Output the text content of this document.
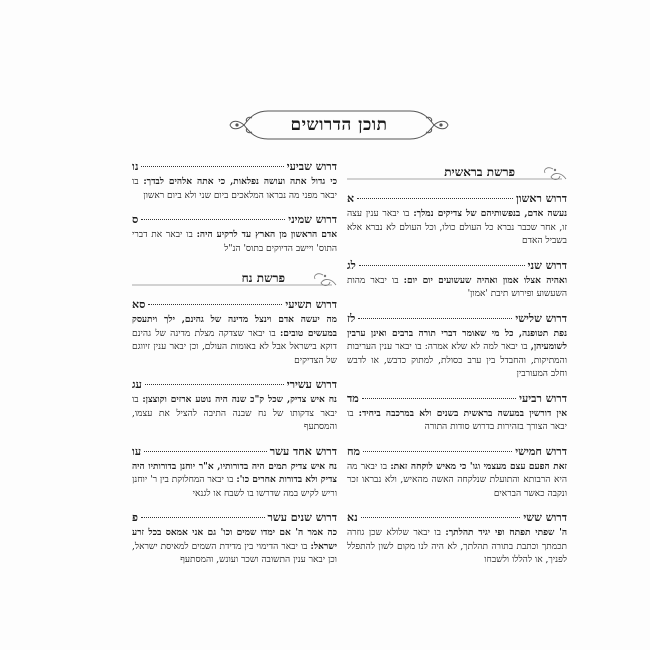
תוכן הדרושים
פרשת בראשית
דרוש ראשון
א
נעשה אדם, בנפשותיהם של צדיקים נמלך: בו יבאר ענין עצה זו, אחר שכבר נברא כל העולם כולו, וכל העולם לא נברא אלא בשביל האדם
דרוש שני
לג
ואהיה אצלו אמון ואהיה שעשועים יום יום: בו יבאר מהות השעשוע ופירוש תיבת 'אמון'
דרוש שלישי
לז
נפת תטופנה, כל מי שאומר דברי תורה ברבים ואינן ערבין לשומעיהן, בו יבאר למה לא שלא אמרה: בו יבאר ענין העריבות והמתיקות, והחבדל בין ערב כסולת, למתוק כדבש, או לדבש וחלב המעורבין
דרוש רביעי
מד
אין דורשין במעשה בראשית בשנים ולא במרכבה ביחיד: בו יבאר הצורך בזהירות בדרוש סודות התורה
דרוש חמישי
מח
זאת הפעם עצם מעצמי וגו' כי מאיש לוקחה זאת: בו יבאר מה היא הרבותא והתועלת שנלקחה האשה מהאיש, ולא נבראו זכר ונקבה כאשר הבראים
דרוש ששי
נא
ה' שפתי תפתח ופי יגיד תהלתך: בו יבאר שלולא שכן גוזרה תכמתך וכתבת בתורה תהלתך, לא היה לנו מקום לשון להתפלל לפניך, או להללו ולשבחו
דרוש שביעי
נו
כי גדול אתה ועושה נפלאות, כי אתה אלהים לבדך: בו יבאר מפני מה נבראו המלאכים ביום שני ולא ביום ראשון
דרוש שמיני
ס
אדם הראשון מן הארץ עד לרקיע היה: בו יבאר את דברי התוס' ויישב הדיוקים בתוס' הנ"ל
פרשת נח
דרוש תשיעי
סא
מה יעשה אדם וינצל מדינה של גהינם, ילך ויתעסק במעשים טובים: בו יבאר שצדקה מצלת מדינה של גהינם דוקא בישראל אבל לא באומות העולם, וכן יבאר ענין זיווגם של הצדיקים
דרוש עשירי
עג
נח איש צדיק, שכל ק"כ שנה היה נוטע ארזים וקוצצן: בו יבאר צדקותו של נח שבנה התיבה להציל את עצמו, והמסתעף
דרוש אחד עשר
עו
נח איש צדיק תמים היה בדורותיו, א"ר יוחנן בדורותיו היה צדיק ולא בדורות אחרים כו': בו יבאר המחלוקת בין ר' יוחנן וריש לקיש במה שדרשו בו לשבח או לגנאי
דרוש שנים עשר
פ
כה אמר ה' אם ימדו שמים וכו' גם אני אמאס בכל זרע ישראל: בו יבאר הדימוי בין מדידת השמים למאיסת ישראל, וכן יבאר ענין התשובה ושכר ועונש, והמסתעף
